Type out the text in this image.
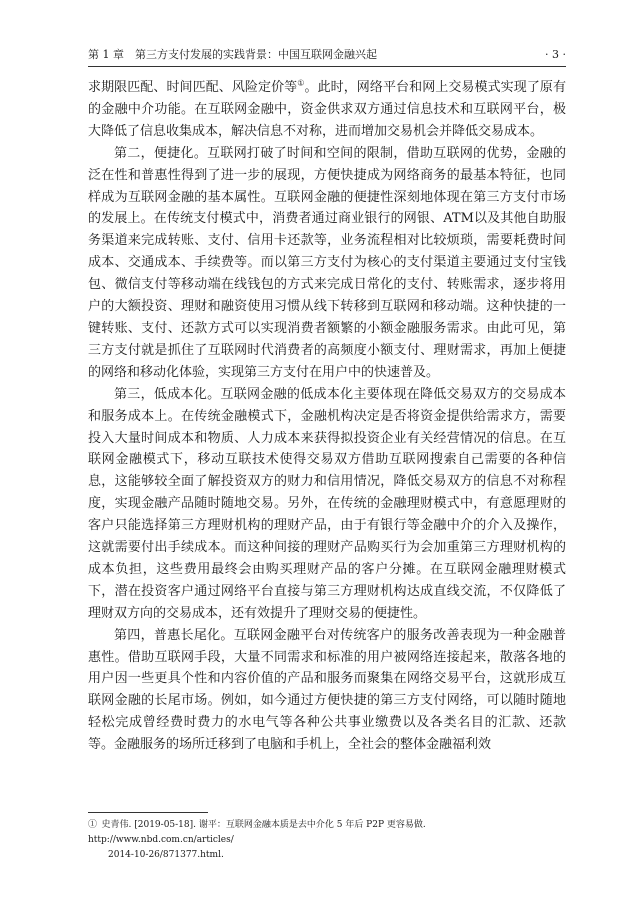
第 1 章  第三方支付发展的实践背景：中国互联网金融兴起	· 3 ·

求期限匹配、时间匹配、风险定价等①。此时，网络平台和网上交易模式实现了原有的金融中介功能。在互联网金融中，资金供求双方通过信息技术和互联网平台，极大降低了信息收集成本，解决信息不对称，进而增加交易机会并降低交易成本。

第二，便捷化。互联网打破了时间和空间的限制，借助互联网的优势，金融的泛在性和普惠性得到了进一步的展现，方便快捷成为网络商务的最基本特征，也同样成为互联网金融的基本属性。互联网金融的便捷性深刻地体现在第三方支付市场的发展上。在传统支付模式中，消费者通过商业银行的网银、ATM以及其他自助服务渠道来完成转账、支付、信用卡还款等，业务流程相对比较烦琐，需要耗费时间成本、交通成本、手续费等。而以第三方支付为核心的支付渠道主要通过支付宝钱包、微信支付等移动端在线钱包的方式来完成日常化的支付、转账需求，逐步将用户的大额投资、理财和融资使用习惯从线下转移到互联网和移动端。这种快捷的一键转账、支付、还款方式可以实现消费者额繁的小额金融服务需求。由此可见，第三方支付就是抓住了互联网时代消费者的高频度小额支付、理财需求，再加上便捷的网络和移动化体验，实现第三方支付在用户中的快速普及。

第三，低成本化。互联网金融的低成本化主要体现在降低交易双方的交易成本和服务成本上。在传统金融模式下，金融机构决定是否将资金提供给需求方，需要投入大量时间成本和物质、人力成本来获得拟投资企业有关经营情况的信息。在互联网金融模式下，移动互联技术使得交易双方借助互联网搜索自己需要的各种信息，这能够较全面了解投资双方的财力和信用情况，降低交易双方的信息不对称程度，实现金融产品随时随地交易。另外，在传统的金融理财模式中，有意愿理财的客户只能选择第三方理财机构的理财产品，由于有银行等金融中介的介入及操作，这就需要付出手续成本。而这种间接的理财产品购买行为会加重第三方理财机构的成本负担，这些费用最终会由购买理财产品的客户分摊。在互联网金融理财模式下，潜在投资客户通过网络平台直接与第三方理财机构达成直线交流，不仅降低了理财双方向的交易成本，还有效提升了理财交易的便捷性。

第四，普惠长尾化。互联网金融平台对传统客户的服务改善表现为一种金融普惠性。借助互联网手段，大量不同需求和标准的用户被网络连接起来，散落各地的用户因一些更具个性和内容价值的产品和服务而聚集在网络交易平台，这就形成互联网金融的长尾市场。例如，如今通过方便快捷的第三方支付网络，可以随时随地轻松完成曾经费时费力的水电气等各种公共事业缴费以及各类名目的汇款、还款等。金融服务的场所迁移到了电脑和手机上，全社会的整体金融福利效

①  史青伟. [2019-05-18]. 谢平：互联网金融本质是去中介化 5 年后 P2P 更容易做. http://www.nbd.com.cn/articles/
2014-10-26/871377.html.
